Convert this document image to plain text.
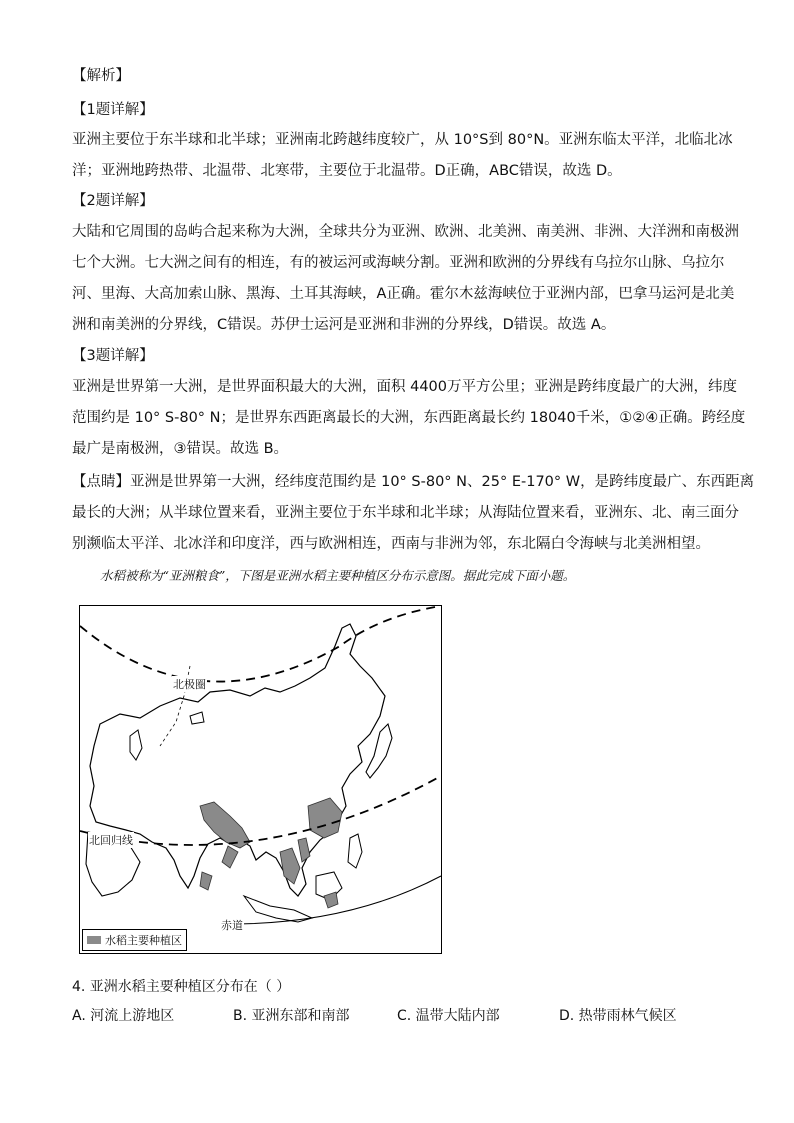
【解析】
【1题详解】
亚洲主要位于东半球和北半球；亚洲南北跨越纬度较广，从 10°S到 80°N。亚洲东临太平洋，北临北冰
洋；亚洲地跨热带、北温带、北寒带，主要位于北温带。D正确，ABC错误，故选 D。
【2题详解】
大陆和它周围的岛屿合起来称为大洲，全球共分为亚洲、欧洲、北美洲、南美洲、非洲、大洋洲和南极洲
七个大洲。七大洲之间有的相连，有的被运河或海峡分割。亚洲和欧洲的分界线有乌拉尔山脉、乌拉尔
河、里海、大高加索山脉、黑海、土耳其海峡，A正确。霍尔木兹海峡位于亚洲内部，巴拿马运河是北美
洲和南美洲的分界线，C错误。苏伊士运河是亚洲和非洲的分界线，D错误。故选 A。
【3题详解】
亚洲是世界第一大洲，是世界面积最大的大洲，面积 4400万平方公里；亚洲是跨纬度最广的大洲，纬度
范围约是 10° S-80° N；是世界东西距离最长的大洲，东西距离最长约 18040千米，①②④正确。跨经度
最广是南极洲，③错误。故选 B。
【点睛】亚洲是世界第一大洲，经纬度范围约是 10° S-80° N、25° E-170° W，是跨纬度最广、东西距离
最长的大洲；从半球位置来看，亚洲主要位于东半球和北半球；从海陆位置来看，亚洲东、北、南三面分
别濒临太平洋、北冰洋和印度洋，西与欧洲相连，西南与非洲为邻，东北隔白令海峡与北美洲相望。
水稻被称为“亚洲粮食”，下图是亚洲水稻主要种植区分布示意图。据此完成下面小题。
北极圈
北回归线
赤道
水稻主要种植区
4. 亚洲水稻主要种植区分布在（ ）
A. 河流上游地区	B. 亚洲东部和南部	C. 温带大陆内部	D. 热带雨林气候区
